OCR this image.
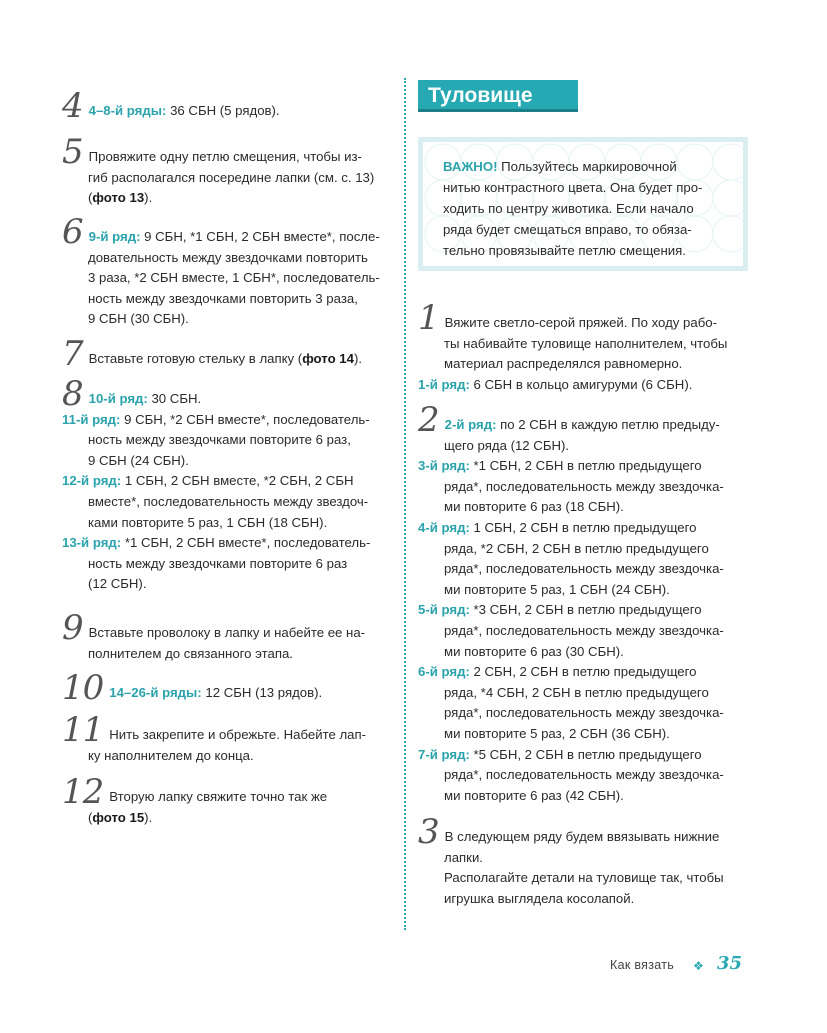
4 4–8-й ряды: 36 СБН (5 рядов).
5 Провяжите одну петлю смещения, чтобы из-
гиб располагался посередине лапки (см. с. 13)
(фото 13).
6 9-й ряд: 9 СБН, *1 СБН, 2 СБН вместе*, после-
довательность между звездочками повторить
3 раза, *2 СБН вместе, 1 СБН*, последователь-
ность между звездочками повторить 3 раза,
9 СБН (30 СБН).
7 Вставьте готовую стельку в лапку (фото 14).
8 10-й ряд: 30 СБН.
11-й ряд: 9 СБН, *2 СБН вместе*, последователь-
ность между звездочками повторите 6 раз,
9 СБН (24 СБН).
12-й ряд: 1 СБН, 2 СБН вместе, *2 СБН, 2 СБН
вместе*, последовательность между звездоч-
ками повторите 5 раз, 1 СБН (18 СБН).
13-й ряд: *1 СБН, 2 СБН вместе*, последователь-
ность между звездочками повторите 6 раз
(12 СБН).
9 Вставьте проволоку в лапку и набейте ее на-
полнителем до связанного этапа.
10 14–26-й ряды: 12 СБН (13 рядов).
11 Нить закрепите и обрежьте. Набейте лап-
ку наполнителем до конца.
12 Вторую лапку свяжите точно так же
(фото 15).
Туловище
ВАЖНО! Пользуйтесь маркировочной
нитью контрастного цвета. Она будет про-
ходить по центру животика. Если начало
ряда будет смещаться вправо, то обяза-
тельно провязывайте петлю смещения.
1 Вяжите светло-серой пряжей. По ходу рабо-
ты набивайте туловище наполнителем, чтобы
материал распределялся равномерно.
1-й ряд: 6 СБН в кольцо амигуруми (6 СБН).
2 2-й ряд: по 2 СБН в каждую петлю предыду-
щего ряда (12 СБН).
3-й ряд: *1 СБН, 2 СБН в петлю предыдущего
ряда*, последовательность между звездочка-
ми повторите 6 раз (18 СБН).
4-й ряд: 1 СБН, 2 СБН в петлю предыдущего
ряда, *2 СБН, 2 СБН в петлю предыдущего
ряда*, последовательность между звездочка-
ми повторите 5 раз, 1 СБН (24 СБН).
5-й ряд: *3 СБН, 2 СБН в петлю предыдущего
ряда*, последовательность между звездочка-
ми повторите 6 раз (30 СБН).
6-й ряд: 2 СБН, 2 СБН в петлю предыдущего
ряда, *4 СБН, 2 СБН в петлю предыдущего
ряда*, последовательность между звездочка-
ми повторите 5 раз, 2 СБН (36 СБН).
7-й ряд: *5 СБН, 2 СБН в петлю предыдущего
ряда*, последовательность между звездочка-
ми повторите 6 раз (42 СБН).
3 В следующем ряду будем ввязывать нижние
лапки.
Располагайте детали на туловище так, чтобы
игрушка выглядела косолапой.
Как вязать ❖ 35
